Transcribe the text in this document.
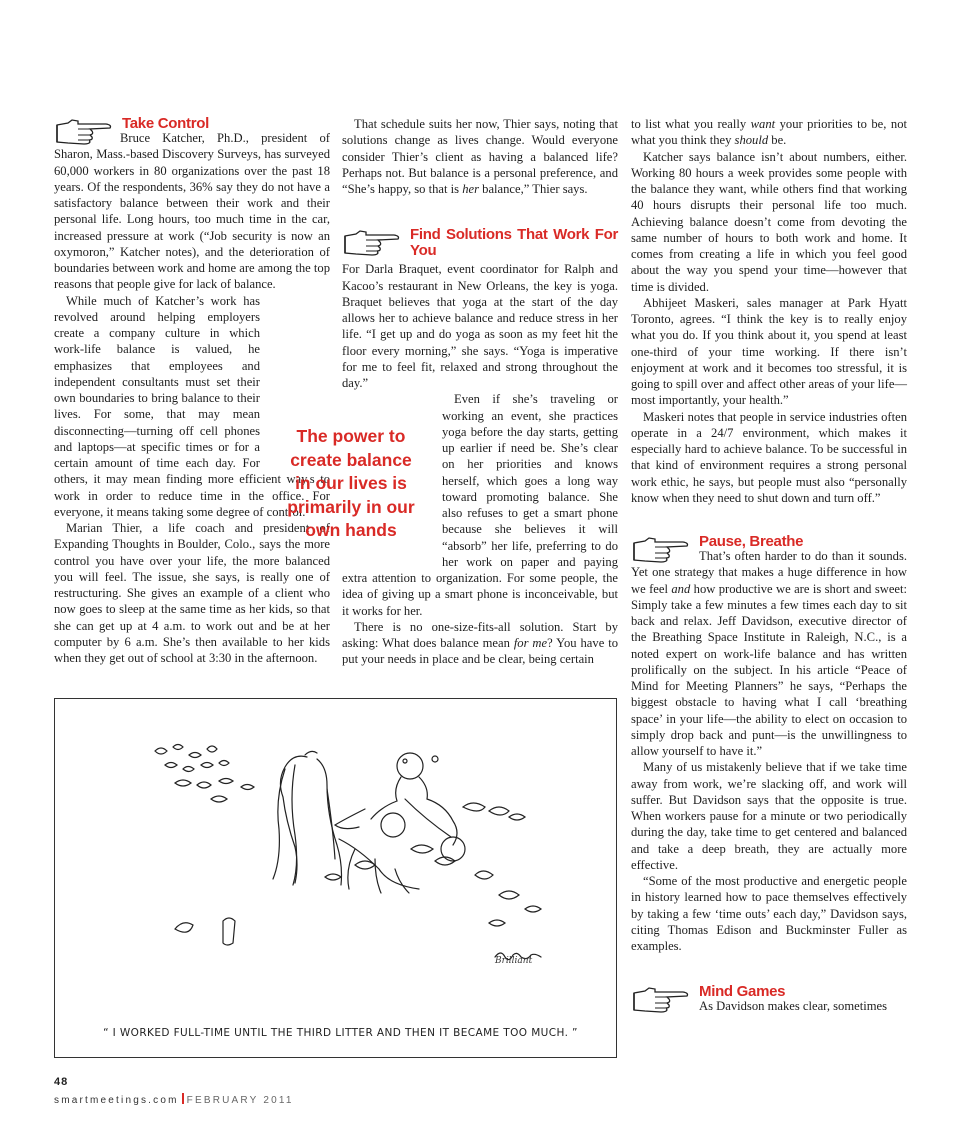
Take Control

Bruce Katcher, Ph.D., president of Sharon, Mass.-based Discovery Surveys, has surveyed 60,000 workers in 80 organizations over the past 18 years. Of the respondents, 36% say they do not have a satisfactory balance between their work and their personal life. Long hours, too much time in the car, increased pressure at work (“Job security is now an oxymoron,” Katcher notes), and the deterioration of boundaries between work and home are among the top reasons that people give for lack of balance.

While much of Katcher’s work has revolved around helping employers create a company culture in which work-life balance is valued, he emphasizes that employees and independent consultants must set their own boundaries to bring balance to their lives. For some, that may mean disconnecting—turning off cell phones and laptops—at specific times or for a certain amount of time each day. For others, it may mean finding more efficient way,s to work in order to reduce time in the office. For everyone, it means taking some degree of control.

Marian Thier, a life coach and president of Expanding Thoughts in Boulder, Colo., says the more control you have over your life, the more balanced you will feel. The issue, she says, is really one of restructuring. She gives an example of a client who now goes to sleep at the same time as her kids, so that she can get up at 4 a.m. to work out and be at her computer by 6 a.m. She’s then available to her kids when they get out of school at 3:30 in the afternoon.

The power to create balance in our lives is primarily in our own hands

That schedule suits her now, Thier says, noting that solutions change as lives change. Would everyone consider Thier’s client as having a balanced life? Perhaps not. But balance is a personal preference, and “She’s happy, so that is her balance,” Thier says.

Find Solutions That Work For You

For Darla Braquet, event coordinator for Ralph and Kacoo’s restaurant in New Orleans, the key is yoga. Braquet believes that yoga at the start of the day allows her to achieve balance and reduce stress in her life. “I get up and do yoga as soon as my feet hit the floor every morning,” she says. “Yoga is imperative for me to feel fit, relaxed and strong throughout the day.”

Even if she’s traveling or working an event, she practices yoga before the day starts, getting up earlier if need be. She’s clear on her priorities and knows herself, which goes a long way toward promoting balance. She also refuses to get a smart phone because she believes it will “absorb” her life, preferring to do her work on paper and paying extra attention to organization. For some people, the idea of giving up a smart phone is inconceivable, but it works for her.

There is no one-size-fits-all solution. Start by asking: What does balance mean for me? You have to put your needs in place and be clear, being certain

to list what you really want your priorities to be, not what you think they should be.

Katcher says balance isn’t about numbers, either. Working 80 hours a week provides some people with the balance they want, while others find that working 40 hours disrupts their personal life too much. Achieving balance doesn’t come from devoting the same number of hours to both work and home. It comes from creating a life in which you feel good about the way you spend your time—however that time is divided.

Abhijeet Maskeri, sales manager at Park Hyatt Toronto, agrees. “I think the key is to really enjoy what you do. If you think about it, you spend at least one-third of your time working. If there isn’t enjoyment at work and it becomes too stressful, it is going to spill over and affect other areas of your life—most importantly, your health.”

Maskeri notes that people in service industries often operate in a 24/7 environment, which makes it especially hard to achieve balance. To be successful in that kind of environment requires a strong personal work ethic, he says, but people must also “personally know when they need to shut down and turn off.”

Pause, Breathe

That’s often harder to do than it sounds. Yet one strategy that makes a huge difference in how we feel and how productive we are is short and sweet: Simply take a few minutes a few times each day to sit back and relax. Jeff Davidson, executive director of the Breathing Space Institute in Raleigh, N.C., is a noted expert on work-life balance and has written prolifically on the subject. In his article “Peace of Mind for Meeting Planners” he says, “Perhaps the biggest obstacle to having what I call ‘breathing space’ in your life—the ability to elect on occasion to simply drop back and punt—is the unwillingness to allow yourself to have it.”

Many of us mistakenly believe that if we take time away from work, we’re slacking off, and work will suffer. But Davidson says that the opposite is true. When workers pause for a minute or two periodically during the day, take time to get centered and balanced and take a deep breath, they are actually more effective.

“Some of the most productive and energetic people in history learned how to pace themselves effectively by taking a few ‘time outs’ each day,” Davidson says, citing Thomas Edison and Buckminster Fuller as examples.

Mind Games

As Davidson makes clear, sometimes

Brilliant
“ I WORKED FULL-TIME UNTIL THE THIRD LITTER AND THEN IT BECAME TOO MUCH. ”
48
smartmeetings.com FEBRUARY 2011
